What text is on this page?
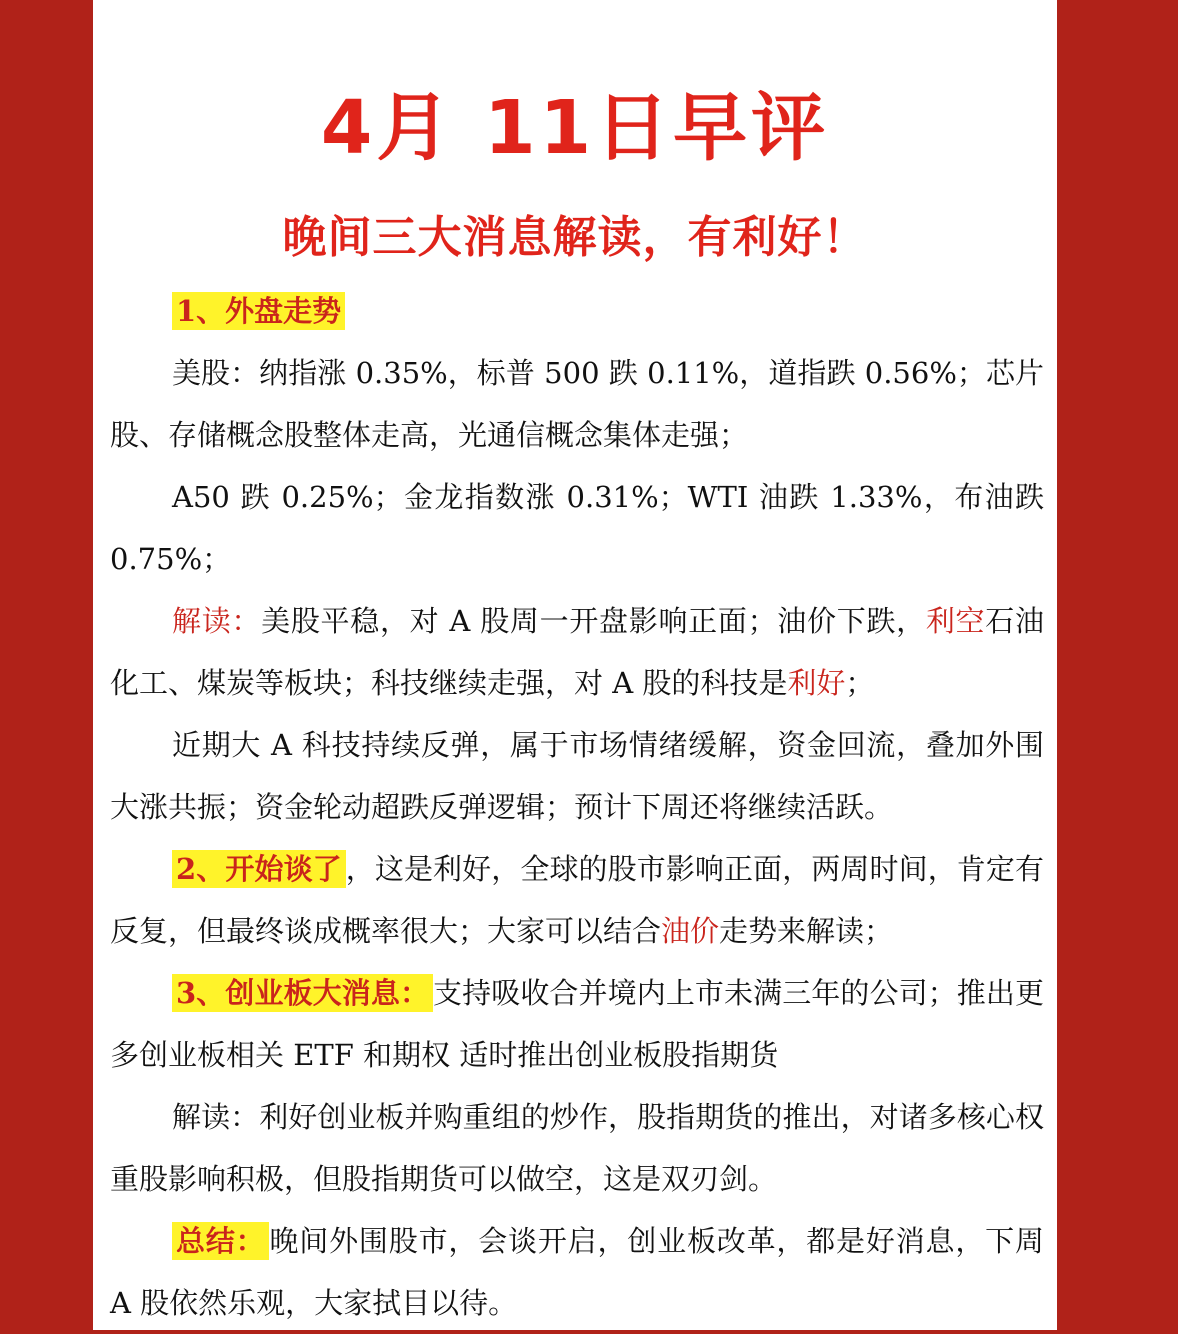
4月 11日早评
晚间三大消息解读，有利好！

1、外盘走势

美股：纳指涨 0.35%，标普 500 跌 0.11%，道指跌 0.56%；芯片股、存储概念股整体走高，光通信概念集体走强；

A50 跌 0.25%；金龙指数涨 0.31%；WTI 油跌 1.33%，布油跌 0.75%；

解读：美股平稳，对 A 股周一开盘影响正面；油价下跌，利空石油化工、煤炭等板块；科技继续走强，对 A 股的科技是利好；

近期大 A 科技持续反弹，属于市场情绪缓解，资金回流，叠加外围大涨共振；资金轮动超跌反弹逻辑；预计下周还将继续活跃。

2、开始谈了 ，这是利好，全球的股市影响正面，两周时间，肯定有反复，但最终谈成概率很大；大家可以结合油价走势来解读；

3、创业板大消息： 支持吸收合并境内上市未满三年的公司；推出更多创业板相关 ETF 和期权 适时推出创业板股指期货

解读：利好创业板并购重组的炒作，股指期货的推出，对诸多核心权重股影响积极，但股指期货可以做空，这是双刃剑。

总结： 晚间外围股市，会谈开启，创业板改革，都是好消息，下周 A 股依然乐观，大家拭目以待。
